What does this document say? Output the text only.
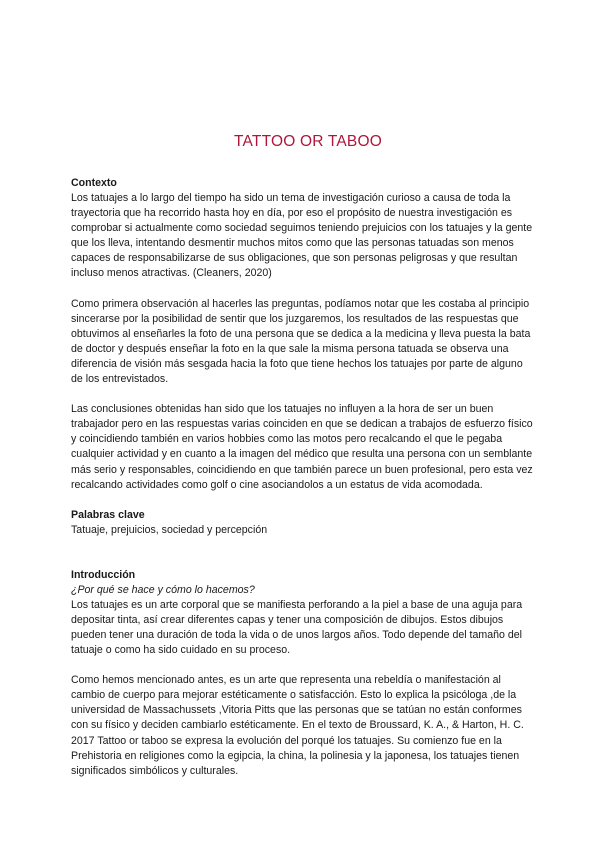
TATTOO OR TABOO
Contexto

Los tatuajes a lo largo del tiempo ha sido un tema de investigación curioso a causa de toda la trayectoria que ha recorrido hasta hoy en día, por eso el propósito de nuestra investigación es comprobar si actualmente como sociedad seguimos teniendo prejuicios con los tatuajes y la gente que los lleva, intentando desmentir muchos mitos como que las personas tatuadas son menos capaces de responsabilizarse de sus obligaciones, que son personas peligrosas y que resultan incluso menos atractivas. (Cleaners, 2020)

Como primera observación al hacerles las preguntas, podíamos notar que les costaba al principio sincerarse por la posibilidad de sentir que los juzgaremos, los resultados de las respuestas que obtuvimos al enseñarles la foto de una persona que se dedica a la medicina y lleva puesta la bata de doctor y después enseñar la foto en la que sale la misma persona tatuada se observa una diferencia de visión más sesgada hacia la foto que tiene hechos los tatuajes por parte de alguno de los entrevistados.

Las conclusiones obtenidas han sido que los tatuajes no influyen a la hora de ser un buen trabajador pero en las respuestas varias coinciden en que se dedican a trabajos de esfuerzo físico y coincidiendo también en varios hobbies como las motos pero recalcando el que le pegaba cualquier actividad y en cuanto a la imagen del médico que resulta una persona con un semblante más serio y responsables, coincidiendo en que también parece un buen profesional, pero esta vez recalcando actividades como golf o cine asociandolos a un estatus de vida acomodada.

Palabras clave

Tatuaje, prejuicios, sociedad y percepción

Introducción
¿Por qué se hace y cómo lo hacemos?

Los tatuajes es un arte corporal que se manifiesta perforando a la piel a base de una aguja para depositar tinta, así crear diferentes capas y tener una composición de dibujos. Estos dibujos pueden tener una duración de toda la vida o de unos largos años. Todo depende del tamaño del tatuaje o como ha sido cuidado en su proceso.

Como hemos mencionado antes, es un arte que representa una rebeldía o manifestación al cambio de cuerpo para mejorar estéticamente o satisfacción. Esto lo explica la psicóloga ,de la universidad de Massachussets ,Vitoria Pitts que las personas que se tatúan no están conformes con su físico y deciden cambiarlo estéticamente. En el texto de Broussard, K. A., & Harton, H. C. 2017 Tattoo or taboo se expresa la evolución del porqué los tatuajes. Su comienzo fue en la Prehistoria en religiones como la egipcia, la china, la polinesia y la japonesa, los tatuajes tienen significados simbólicos y culturales.
